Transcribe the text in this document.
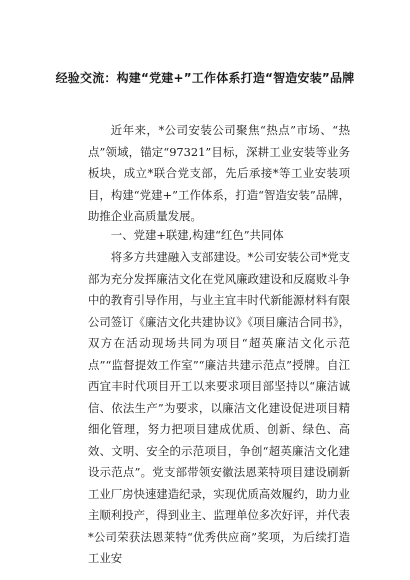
经验交流：构建“党建+”工作体系打造“智造安装”品牌

近年来，*公司安装公司聚焦“热点”市场、“热点”领域，锚定“97321”目标，深耕工业安装等业务板块，成立*联合党支部，先后承接*等工业安装项目，构建“党建+”工作体系，打造“智造安装”品牌，助推企业高质量发展。

一、党建+联建,构建“红色”共同体

将多方共建融入支部建设。*公司安装公司*党支部为充分发挥廉洁文化在党风廉政建设和反腐败斗争中的教育引导作用，与业主宜丰时代新能源材料有限公司签订《廉洁文化共建协议》《项目廉洁合同书》，双方在活动现场共同为项目“超英廉洁文化示范点”“监督提效工作室”“廉洁共建示范点”授牌。自江西宜丰时代项目开工以来要求项目部坚持以“廉洁诚信、依法生产”为要求，以廉洁文化建设促进项目精细化管理，努力把项目建成优质、创新、绿色、高效、文明、安全的示范项目，争创“超英廉洁文化建设示范点”。党支部带领安徽法恩莱特项目建设刷新工业厂房快速建造纪录，实现优质高效履约，助力业主顺利投产，得到业主、监理单位多次好评，并代表*公司荣获法恩莱特“优秀供应商”奖项，为后续打造工业安
